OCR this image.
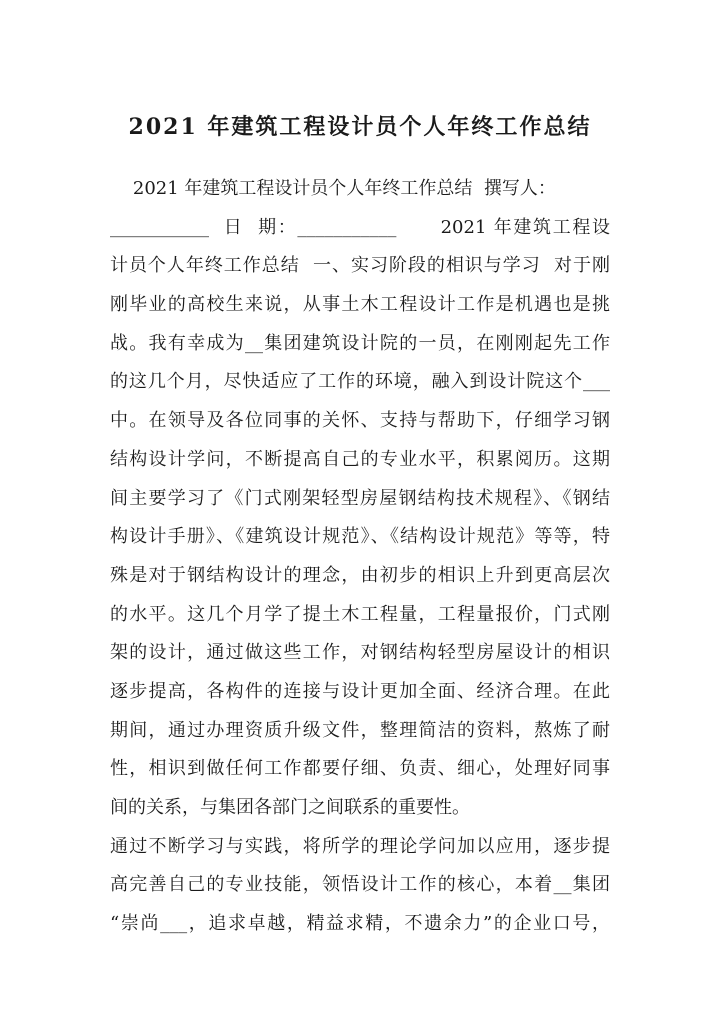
2021 年建筑工程设计员个人年终工作总结
2021 年建筑工程设计员个人年终工作总结  撰写人：
___________  日  期：___________      2021 年建筑工程设
计员个人年终工作总结  一、实习阶段的相识与学习  对于刚
刚毕业的高校生来说，从事土木工程设计工作是机遇也是挑
战。我有幸成为__集团建筑设计院的一员，在刚刚起先工作
的这几个月，尽快适应了工作的环境，融入到设计院这个___
中。在领导及各位同事的关怀、支持与帮助下，仔细学习钢
结构设计学问，不断提高自己的专业水平，积累阅历。这期
间主要学习了《门式刚架轻型房屋钢结构技术规程》、《钢结
构设计手册》、《建筑设计规范》、《结构设计规范》等等，特
殊是对于钢结构设计的理念，由初步的相识上升到更高层次
的水平。这几个月学了提土木工程量，工程量报价，门式刚
架的设计，通过做这些工作，对钢结构轻型房屋设计的相识
逐步提高，各构件的连接与设计更加全面、经济合理。在此
期间，通过办理资质升级文件，整理简洁的资料，熬炼了耐
性，相识到做任何工作都要仔细、负责、细心，处理好同事
间的关系，与集团各部门之间联系的重要性。
通过不断学习与实践，将所学的理论学问加以应用，逐步提
高完善自己的专业技能，领悟设计工作的核心，本着__集团
“崇尚___，追求卓越，精益求精，不遗余力”的企业口号，
